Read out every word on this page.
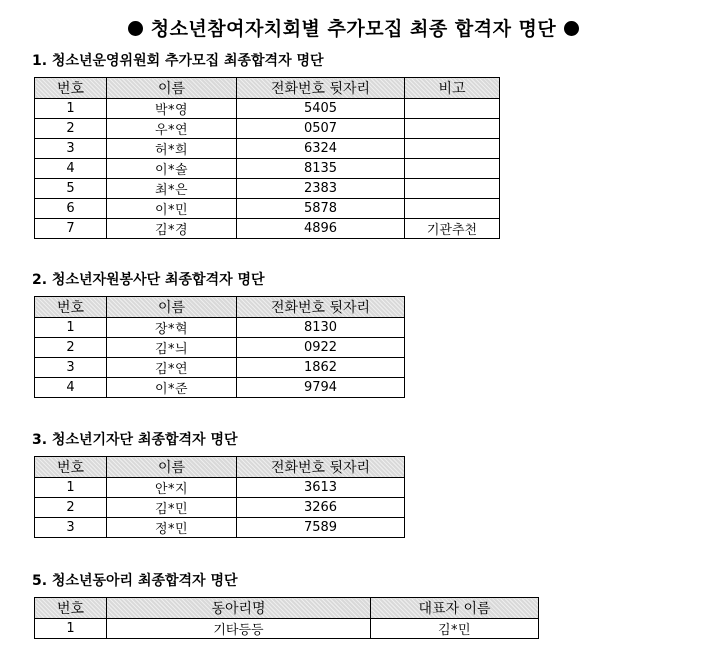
청소년참여자치회별 추가모집 최종 합격자 명단
1. 청소년운영위원회 추가모집 최종합격자 명단
번호	이름	전화번호 뒷자리	비고
1	박*영	5405	
2	우*연	0507	
3	허*희	6324	
4	이*솔	8135	
5	최*은	2383	
6	이*민	5878	
7	김*경	4896	기관추천
2. 청소년자원봉사단 최종합격자 명단
번호	이름	전화번호 뒷자리
1	장*혁	8130
2	김*늬	0922
3	김*연	1862
4	이*준	9794
3. 청소년기자단 최종합격자 명단
번호	이름	전화번호 뒷자리
1	안*지	3613
2	김*민	3266
3	정*민	7589
5. 청소년동아리 최종합격자 명단
번호	동아리명	대표자 이름
1	기타등등	김*민
